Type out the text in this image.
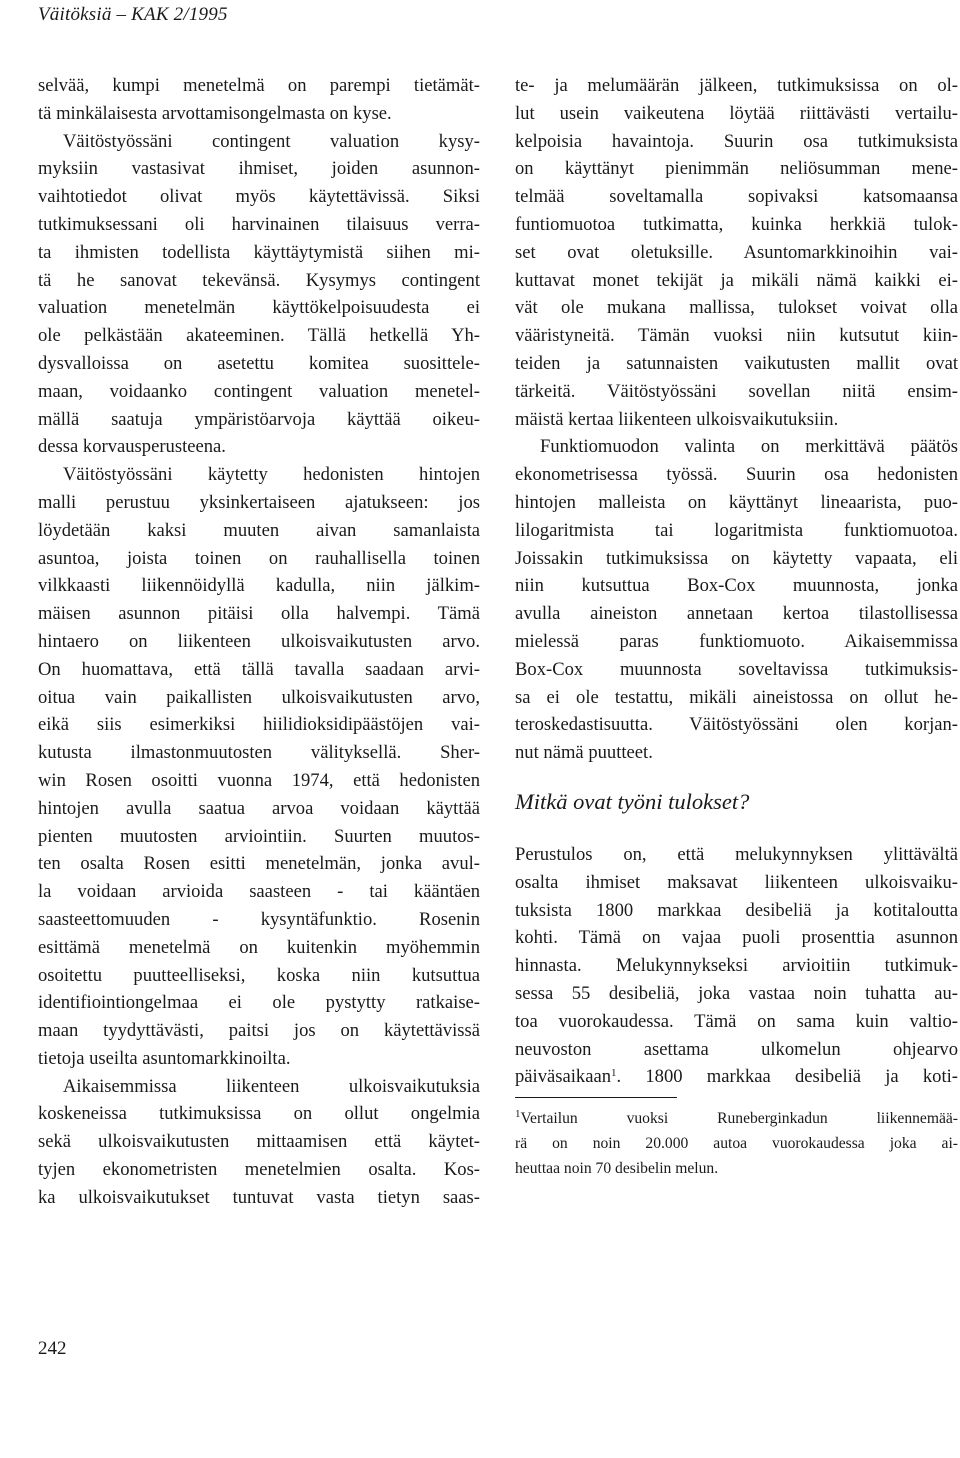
Väitöksiä – KAK 2/1995
selvää, kumpi menetelmä on parempi tietämät-
tä minkälaisesta arvottamisongelmasta on kyse.
Väitöstyössäni contingent valuation kysy-
myksiin vastasivat ihmiset, joiden asunnon-
vaihtotiedot olivat myös käytettävissä. Siksi
tutkimuksessani oli harvinainen tilaisuus verra-
ta ihmisten todellista käyttäytymistä siihen mi-
tä he sanovat tekevänsä. Kysymys contingent
valuation menetelmän käyttökelpoisuudesta ei
ole pelkästään akateeminen. Tällä hetkellä Yh-
dysvalloissa on asetettu komitea suosittele-
maan, voidaanko contingent valuation menetel-
mällä saatuja ympäristöarvoja käyttää oikeu-
dessa korvausperusteena.
Väitöstyössäni käytetty hedonisten hintojen
malli perustuu yksinkertaiseen ajatukseen: jos
löydetään kaksi muuten aivan samanlaista
asuntoa, joista toinen on rauhallisella toinen
vilkkaasti liikennöidyllä kadulla, niin jälkim-
mäisen asunnon pitäisi olla halvempi. Tämä
hintaero on liikenteen ulkoisvaikutusten arvo.
On huomattava, että tällä tavalla saadaan arvi-
oitua vain paikallisten ulkoisvaikutusten arvo,
eikä siis esimerkiksi hiilidioksidipäästöjen vai-
kutusta ilmastonmuutosten välityksellä. Sher-
win Rosen osoitti vuonna 1974, että hedonisten
hintojen avulla saatua arvoa voidaan käyttää
pienten muutosten arviointiin. Suurten muutos-
ten osalta Rosen esitti menetelmän, jonka avul-
la voidaan arvioida saasteen - tai kääntäen
saasteettomuuden - kysyntäfunktio. Rosenin
esittämä menetelmä on kuitenkin myöhemmin
osoitettu puutteelliseksi, koska niin kutsuttua
identifiointiongelmaa ei ole pystytty ratkaise-
maan tyydyttävästi, paitsi jos on käytettävissä
tietoja useilta asuntomarkkinoilta.
Aikaisemmissa liikenteen ulkoisvaikutuksia
koskeneissa tutkimuksissa on ollut ongelmia
sekä ulkoisvaikutusten mittaamisen että käytet-
tyjen ekonometristen menetelmien osalta. Kos-
ka ulkoisvaikutukset tuntuvat vasta tietyn saas-
te- ja melumäärän jälkeen, tutkimuksissa on ol-
lut usein vaikeutena löytää riittävästi vertailu-
kelpoisia havaintoja. Suurin osa tutkimuksista
on käyttänyt pienimmän neliösumman mene-
telmää soveltamalla sopivaksi katsomaansa
funtiomuotoa tutkimatta, kuinka herkkiä tulok-
set ovat oletuksille. Asuntomarkkinoihin vai-
kuttavat monet tekijät ja mikäli nämä kaikki ei-
vät ole mukana mallissa, tulokset voivat olla
vääristyneitä. Tämän vuoksi niin kutsutut kiin-
teiden ja satunnaisten vaikutusten mallit ovat
tärkeitä. Väitöstyössäni sovellan niitä ensim-
mäistä kertaa liikenteen ulkoisvaikutuksiin.
Funktiomuodon valinta on merkittävä päätös
ekonometrisessa työssä. Suurin osa hedonisten
hintojen malleista on käyttänyt lineaarista, puo-
lilogaritmista tai logaritmista funktiomuotoa.
Joissakin tutkimuksissa on käytetty vapaata, eli
niin kutsuttua Box-Cox muunnosta, jonka
avulla aineiston annetaan kertoa tilastollisessa
mielessä paras funktiomuoto. Aikaisemmissa
Box-Cox muunnosta soveltavissa tutkimuksis-
sa ei ole testattu, mikäli aineistossa on ollut he-
teroskedastisuutta. Väitöstyössäni olen korjan-
nut nämä puutteet.
Mitkä ovat työni tulokset?
Perustulos on, että melukynnyksen ylittävältä
osalta ihmiset maksavat liikenteen ulkoisvaiku-
tuksista 1800 markkaa desibeliä ja kotitaloutta
kohti. Tämä on vajaa puoli prosenttia asunnon
hinnasta. Melukynnykseksi arvioitiin tutkimuk-
sessa 55 desibeliä, joka vastaa noin tuhatta au-
toa vuorokaudessa. Tämä on sama kuin valtio-
neuvoston asettama ulkomelun ohjearvo
päiväsaikaan$^1$. 1800 markkaa desibeliä ja koti-
$^1$Vertailun vuoksi Runeberginkadun liikennemää-
rä on noin 20.000 autoa vuorokaudessa joka ai-
heuttaa noin 70 desibelin melun.
242
